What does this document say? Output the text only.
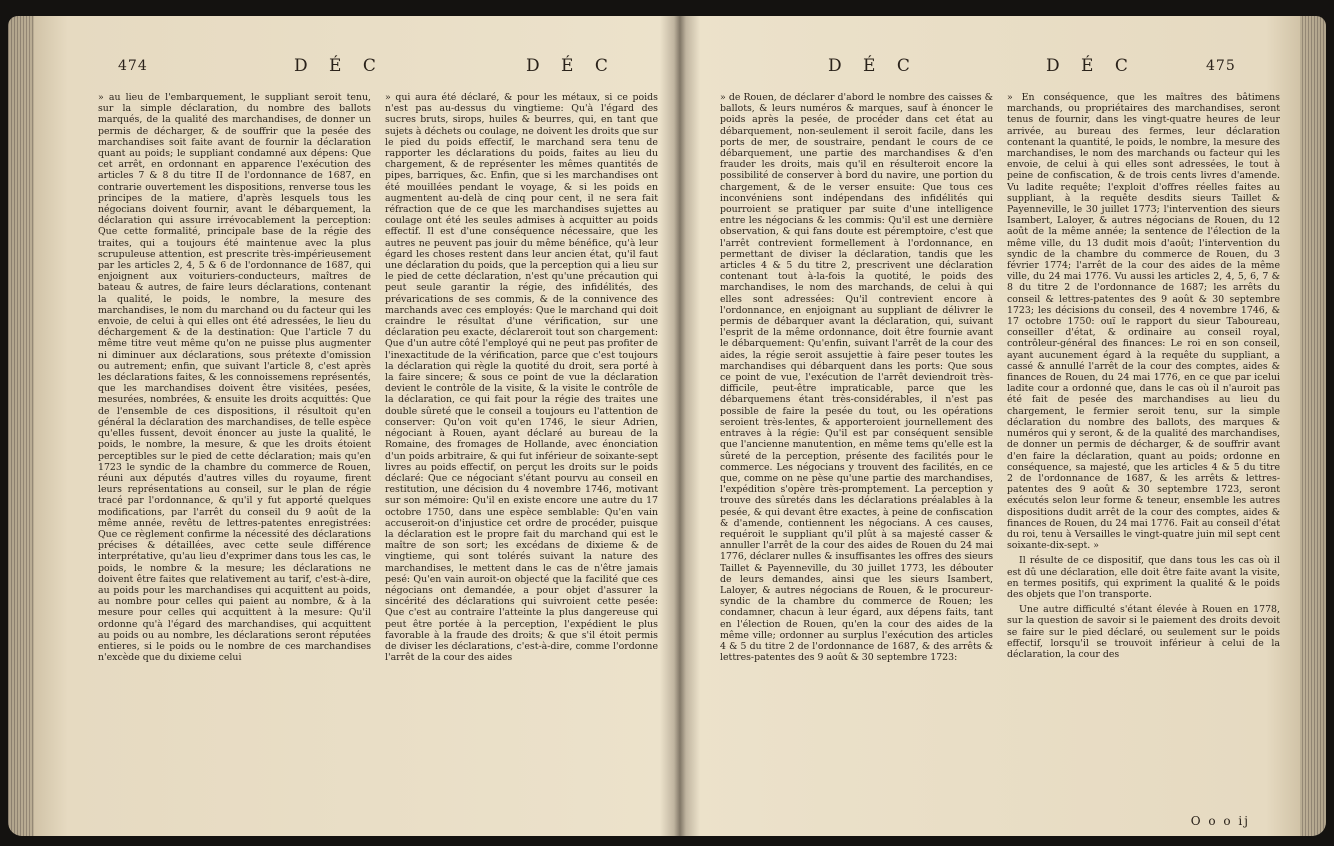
474	D É C	D É C

» au lieu de l'embarquement, le suppliant seroit tenu, sur la simple déclaration, du nombre des ballots marqués, de la qualité des marchandises, de donner un permis de décharger, & de souffrir que la pesée des marchandises soit faite avant de fournir la déclaration quant au poids; le suppliant condamné aux dépens: Que cet arrêt, en ordonnant en apparence l'exécution des articles 7 & 8 du titre II de l'ordonnance de 1687, en contrarie ouvertement les dispositions, renverse tous les principes de la matiere, d'après lesquels tous les négocians doivent fournir, avant le débarquement, la déclaration qui assure irrévocablement la perception: Que cette formalité, principale base de la régie des traites, qui a toujours été maintenue avec la plus scrupuleuse attention, est prescrite très-impérieusement par les articles 2, 4, 5 & 6 de l'ordonnance de 1687, qui enjoignent aux voituriers-conducteurs, maîtres de bateau & autres, de faire leurs déclarations, contenant la qualité, le poids, le nombre, la mesure des marchandises, le nom du marchand ou du facteur qui les envoie, de celui à qui elles ont été adressées, le lieu du déchargement & de la destination: Que l'article 7 du même titre veut même qu'on ne puisse plus augmenter ni diminuer aux déclarations, sous prétexte d'omission ou autrement; enfin, que suivant l'article 8, c'est après les déclarations faites, & les connoissemens représentés, que les marchandises doivent être visitées, pesées, mesurées, nombrées, & ensuite les droits acquittés: Que de l'ensemble de ces dispositions, il résultoit qu'en général la déclaration des marchandises, de telle espèce qu'elles fussent, devoit énoncer au juste la qualité, le poids, le nombre, la mesure, & que les droits étoient perceptibles sur le pied de cette déclaration; mais qu'en 1723 le syndic de la chambre du commerce de Rouen, réuni aux députés d'autres villes du royaume, firent leurs représentations au conseil, sur le plan de régie tracé par l'ordonnance, & qu'il y fut apporté quelques modifications, par l'arrêt du conseil du 9 août de la même année, revêtu de lettres-patentes enregistrées: Que ce règlement confirme la nécessité des déclarations précises & détaillées, avec cette seule différence interprétative, qu'au lieu d'exprimer dans tous les cas, le poids, le nombre & la mesure; les déclarations ne doivent être faites que relativement au tarif, c'est-à-dire, au poids pour les marchandises qui acquittent au poids, au nombre pour celles qui paient au nombre, & à la mesure pour celles qui acquittent à la mesure: Qu'il ordonne qu'à l'égard des marchandises, qui acquittent au poids ou au nombre, les déclarations seront réputées entieres, si le poids ou le nombre de ces marchandises n'excède que du dixieme celui

» qui aura été déclaré, & pour les métaux, si ce poids n'est pas au-dessus du vingtieme: Qu'à l'égard des sucres bruts, sirops, huiles & beurres, qui, en tant que sujets à déchets ou coulage, ne doivent les droits que sur le pied du poids effectif, le marchand sera tenu de rapporter les déclarations du poids, faites au lieu du chargement, & de représenter les mêmes quantités de pipes, barriques, &c. Enfin, que si les marchandises ont été mouillées pendant le voyage, & si les poids en augmentent au-delà de cinq pour cent, il ne sera fait réfraction que de ce que les marchandises sujettes au coulage ont été les seules admises à acquitter au poids effectif. Il est d'une conséquence nécessaire, que les autres ne peuvent pas jouir du même bénéfice, qu'à leur égard les choses restent dans leur ancien état, qu'il faut une déclaration du poids, que la perception qui a lieu sur le pied de cette déclaration, n'est qu'une précaution qui peut seule garantir la régie, des infidélités, des prévarications de ses commis, & de la connivence des marchands avec ces employés: Que le marchand qui doit craindre le résultat d'une vérification, sur une déclaration peu exacte, déclareroit tout son chargement: Que d'un autre côté l'employé qui ne peut pas profiter de l'inexactitude de la vérification, parce que c'est toujours la déclaration qui règle la quotité du droit, sera porté à la faire sincere; & sous ce point de vue la déclaration devient le contrôle de la visite, & la visite le contrôle de la déclaration, ce qui fait pour la régie des traites une double sûreté que le conseil a toujours eu l'attention de conserver: Qu'on voit qu'en 1746, le sieur Adrien, négociant à Rouen, ayant déclaré au bureau de la Romaine, des fromages de Hollande, avec énonciation d'un poids arbitraire, & qui fut inférieur de soixante-sept livres au poids effectif, on perçut les droits sur le poids déclaré: Que ce négociant s'étant pourvu au conseil en restitution, une décision du 4 novembre 1746, motivant sur son mémoire: Qu'il en existe encore une autre du 17 octobre 1750, dans une espèce semblable: Qu'en vain accuseroit-on d'injustice cet ordre de procéder, puisque la déclaration est le propre fait du marchand qui est le maître de son sort; les excédans de dixieme & de vingtieme, qui sont tolérés suivant la nature des marchandises, le mettent dans le cas de n'être jamais pesé: Qu'en vain auroit-on objecté que la facilité que ces négocians ont demandée, a pour objet d'assurer la sincérité des déclarations qui suivroient cette pesée: Que c'est au contraire l'atteinte la plus dangereuse qui peut être portée à la perception, l'expédient le plus favorable à la fraude des droits; & que s'il étoit permis de diviser les déclarations, c'est-à-dire, comme l'ordonne l'arrêt de la cour des aides

D É C	D É C	475

» de Rouen, de déclarer d'abord le nombre des caisses & ballots, & leurs numéros & marques, sauf à énoncer le poids après la pesée, de procéder dans cet état au débarquement, non-seulement il seroit facile, dans les ports de mer, de soustraire, pendant le cours de ce débarquement, une partie des marchandises & d'en frauder les droits, mais qu'il en résulteroit encore la possibilité de conserver à bord du navire, une portion du chargement, & de le verser ensuite: Que tous ces inconvéniens sont indépendans des infidélités qui pourroient se pratiquer par suite d'une intelligence entre les négocians & les commis: Qu'il est une dernière observation, & qui fans doute est péremptoire, c'est que l'arrêt contrevient formellement à l'ordonnance, en permettant de diviser la déclaration, tandis que les articles 4 & 5 du titre 2, prescrivent une déclaration contenant tout à-la-fois la quotité, le poids des marchandises, le nom des marchands, de celui à qui elles sont adressées: Qu'il contrevient encore à l'ordonnance, en enjoignant au suppliant de délivrer le permis de débarquer avant la déclaration, qui, suivant l'esprit de la même ordonnance, doit être fournie avant le débarquement: Qu'enfin, suivant l'arrêt de la cour des aides, la régie seroit assujettie à faire peser toutes les marchandises qui débarquent dans les ports: Que sous ce point de vue, l'exécution de l'arrêt deviendroit très-difficile, peut-être impraticable, parce que les débarquemens étant très-considérables, il n'est pas possible de faire la pesée du tout, ou les opérations seroient très-lentes, & apporteroient journellement des entraves à la régie: Qu'il est par conséquent sensible que l'ancienne manutention, en même tems qu'elle est la sûreté de la perception, présente des facilités pour le commerce. Les négocians y trouvent des facilités, en ce que, comme on ne pèse qu'une partie des marchandises, l'expédition s'opère très-promptement. La perception y trouve des sûretés dans les déclarations préalables à la pesée, & qui devant être exactes, à peine de confiscation & d'amende, contiennent les négocians. A ces causes, requéroit le suppliant qu'il plût à sa majesté casser & annuller l'arrêt de la cour des aides de Rouen du 24 mai 1776, déclarer nulles & insuffisantes les offres des sieurs Taillet & Payenneville, du 30 juillet 1773, les débouter de leurs demandes, ainsi que les sieurs Isambert, Laloyer, & autres négocians de Rouen, & le procureur-syndic de la chambre du commerce de Rouen; les condamner, chacun à leur égard, aux dépens faits, tant en l'élection de Rouen, qu'en la cour des aides de la même ville; ordonner au surplus l'exécution des articles 4 & 5 du titre 2 de l'ordonnance de 1687, & des arrêts & lettres-patentes des 9 août & 30 septembre 1723:

» En conséquence, que les maîtres des bâtimens marchands, ou propriétaires des marchandises, seront tenus de fournir, dans les vingt-quatre heures de leur arrivée, au bureau des fermes, leur déclaration contenant la quantité, le poids, le nombre, la mesure des marchandises, le nom des marchands ou facteur qui les envoie, de celui à qui elles sont adressées, le tout à peine de confiscation, & de trois cents livres d'amende. Vu ladite requête; l'exploit d'offres réelles faites au suppliant, à la requête desdits sieurs Taillet & Payenneville, le 30 juillet 1773; l'intervention des sieurs Isambert, Laloyer, & autres négocians de Rouen, du 12 août de la même année; la sentence de l'élection de la même ville, du 13 dudit mois d'août; l'intervention du syndic de la chambre du commerce de Rouen, du 3 février 1774; l'arrêt de la cour des aides de la même ville, du 24 mai 1776. Vu aussi les articles 2, 4, 5, 6, 7 & 8 du titre 2 de l'ordonnance de 1687; les arrêts du conseil & lettres-patentes des 9 août & 30 septembre 1723; les décisions du conseil, des 4 novembre 1746, & 17 octobre 1750: ouï le rapport du sieur Taboureau, conseiller d'état, & ordinaire au conseil royal, contrôleur-général des finances: Le roi en son conseil, ayant aucunement égard à la requête du suppliant, a cassé & annullé l'arrêt de la cour des comptes, aides & finances de Rouen, du 24 mai 1776, en ce que par icelui ladite cour a ordonné que, dans le cas où il n'auroit pas été fait de pesée des marchandises au lieu du chargement, le fermier seroit tenu, sur la simple déclaration du nombre des ballots, des marques & numéros qui y seront, & de la qualité des marchandises, de donner un permis de décharger, & de souffrir avant d'en faire la déclaration, quant au poids; ordonne en conséquence, sa majesté, que les articles 4 & 5 du titre 2 de l'ordonnance de 1687, & les arrêts & lettres-patentes des 9 août & 30 septembre 1723, seront exécutés selon leur forme & teneur, ensemble les autres dispositions dudit arrêt de la cour des comptes, aides & finances de Rouen, du 24 mai 1776. Fait au conseil d'état du roi, tenu à Versailles le vingt-quatre juin mil sept cent soixante-dix-sept. »

Il résulte de ce dispositif, que dans tous les cas où il est dû une déclaration, elle doit être faite avant la visite, en termes positifs, qui expriment la qualité & le poids des objets que l'on transporte.

Une autre difficulté s'étant élevée à Rouen en 1778, sur la question de savoir si le paiement des droits devoit se faire sur le pied déclaré, ou seulement sur le poids effectif, lorsqu'il se trouvoit inférieur à celui de la déclaration, la cour des

O o o ij
